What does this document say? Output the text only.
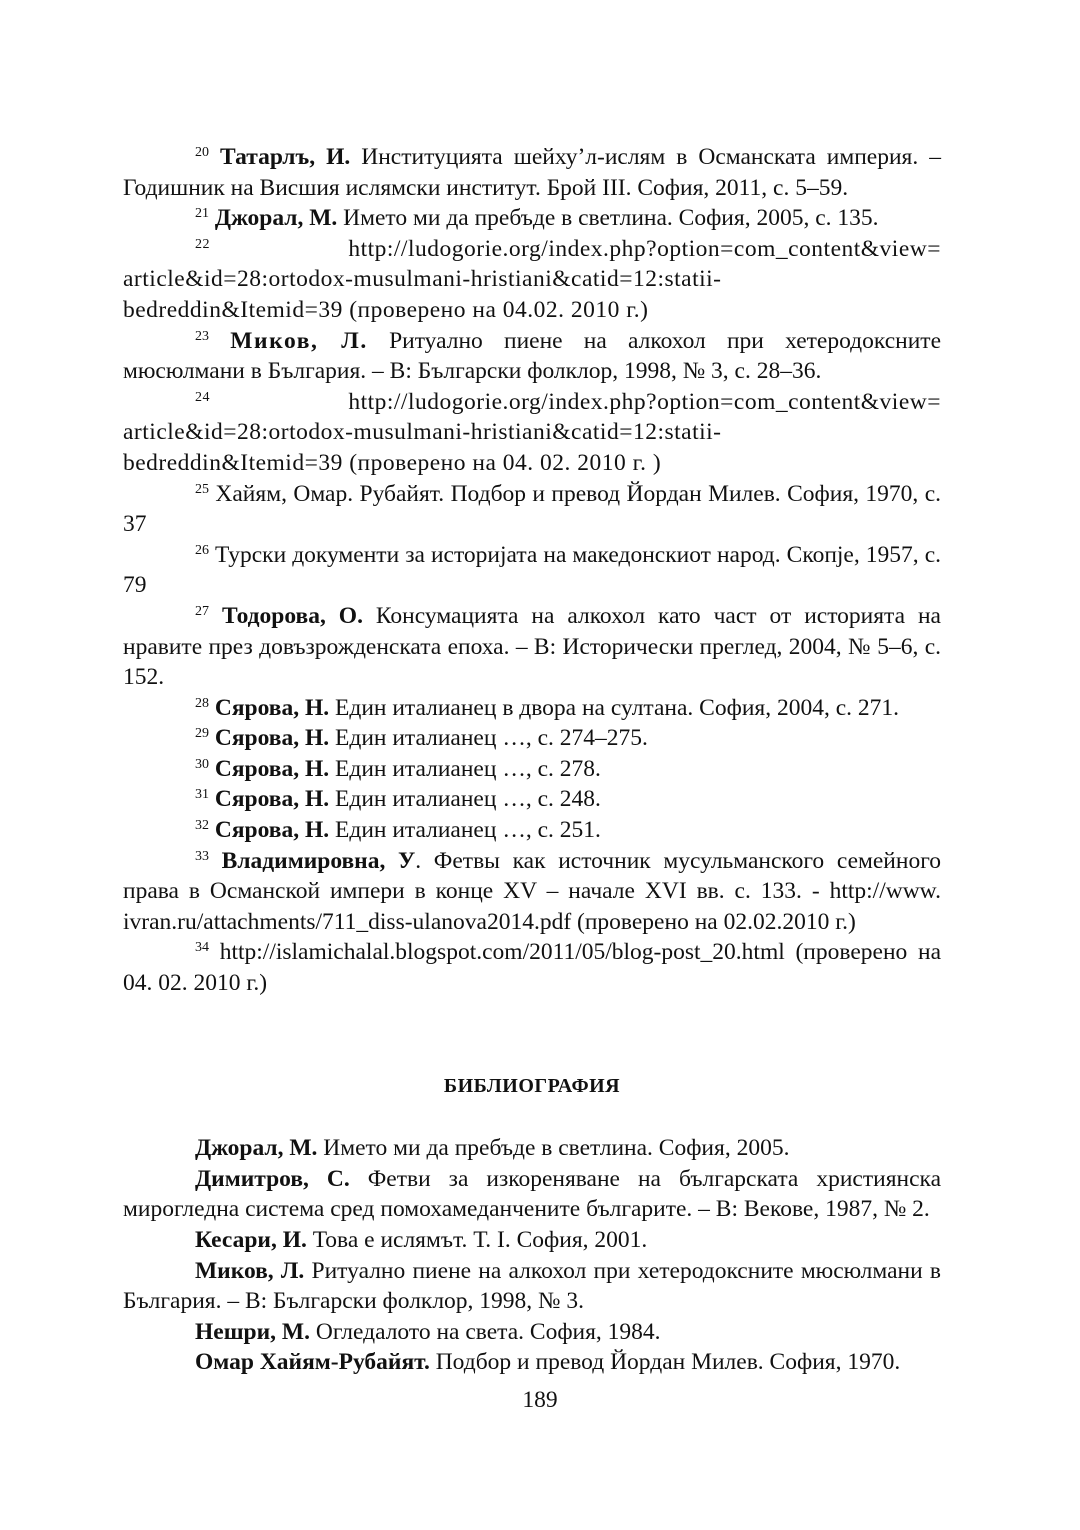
$^{20}$ Татарлъ, И. Институцията шейху’л-ислям в Османската империя. – Годишник на Висшия ислямски институт. Брой III. София, 2011, с. 5–59.

$^{21}$ Джорал, М. Името ми да пребъде в светлина. София, 2005, с. 135.

$^{22}$ http://ludogorie.org/index.php?option=com_content&view= article&id=28:ortodox-musulmani-hristiani&catid=12:statii-bedreddin&Itemid=39 (проверено на 04.02. 2010 г.)

$^{23}$ Миков, Л. Ритуално пиене на алкохол при хетеродоксните мюсюлмани в България. – В: Български фолклор, 1998, № 3, с. 28–36.

$^{24}$ http://ludogorie.org/index.php?option=com_content&view= article&id=28:ortodox-musulmani-hristiani&catid=12:statii-bedreddin&Itemid=39 (проверено на 04. 02. 2010 г. )

$^{25}$ Хайям, Омар. Рубайят. Подбор и превод Йордан Милев. София, 1970, с. 37

$^{26}$ Турски документи за историјата на македонскиот народ. Скопје, 1957, с. 79

$^{27}$ Тодорова, О. Консумацията на алкохол като част от историята на нравите през довъзрожденската епоха. – В: Исторически преглед, 2004, № 5–6, с. 152.

$^{28}$ Сярова, Н. Един италианец в двора на султана. София, 2004, с. 271.

$^{29}$ Сярова, Н. Един италианец …, с. 274–275.

$^{30}$ Сярова, Н. Един италианец …, с. 278.

$^{31}$ Сярова, Н. Един италианец …, с. 248.

$^{32}$ Сярова, Н. Един италианец …, с. 251.

$^{33}$ Владимировна, У. Фетвы как источник мусульманского семейного права в Османской импери в конце XV – начале XVI вв. с. 133. - http://www. ivran.ru/attachments/711_diss-ulanova2014.pdf (проверено на 02.02.2010 г.)

$^{34}$ http://islamichalal.blogspot.com/2011/05/blog-post_20.html (проверено на 04. 02. 2010 г.)

БИБЛИОГРАФИЯ

Джорал, М. Името ми да пребъде в светлина. София, 2005.

Димитров, С. Фетви за изкореняване на българската християнска мирогледна система сред помохамеданчените българите. – В: Векове, 1987, № 2.

Кесари, И. Това е ислямът. Т. I. София, 2001.

Миков, Л. Ритуално пиене на алкохол при хетеродоксните мюсюлмани в България. – В: Български фолклор, 1998, № 3.

Нешри, М. Огледалото на света. София, 1984.

Омар Хайям-Рубайят. Подбор и превод Йордан Милев. София, 1970.

189
